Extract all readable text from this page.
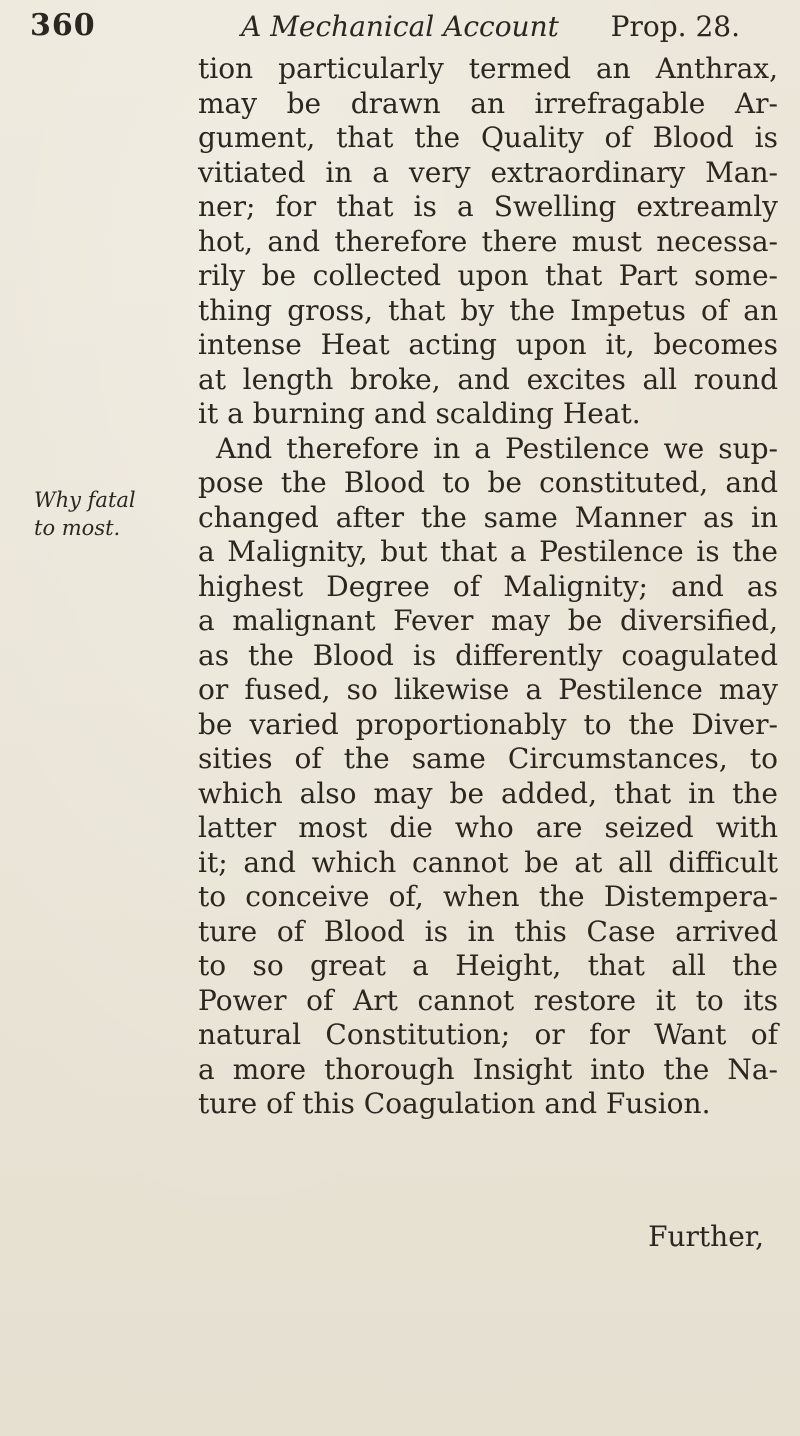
360	A Mechanical Account Prop. 28.
Why fatal
to most.
tion particularly termed an Anthrax,
may be drawn an irrefragable Ar-
gument, that the Quality of Blood is
vitiated in a very extraordinary Man-
ner; for that is a Swelling extreamly
hot, and therefore there must necessa-
rily be collected upon that Part some-
thing gross, that by the Impetus of an
intense Heat acting upon it, becomes
at length broke, and excites all round
it a burning and scalding Heat.
And therefore in a Pestilence we sup-
pose the Blood to be constituted, and
changed after the same Manner as in
a Malignity, but that a Pestilence is the
highest Degree of Malignity; and as
a malignant Fever may be diversified,
as the Blood is differently coagulated
or fused, so likewise a Pestilence may
be varied proportionably to the Diver-
sities of the same Circumstances, to
which also may be added, that in the
latter most die who are seized with
it; and which cannot be at all difficult
to conceive of, when the Distempera-
ture of Blood is in this Case arrived
to so great a Height, that all the
Power of Art cannot restore it to its
natural Constitution; or for Want of
a more thorough Insight into the Na-
ture of this Coagulation and Fusion.
Further,
